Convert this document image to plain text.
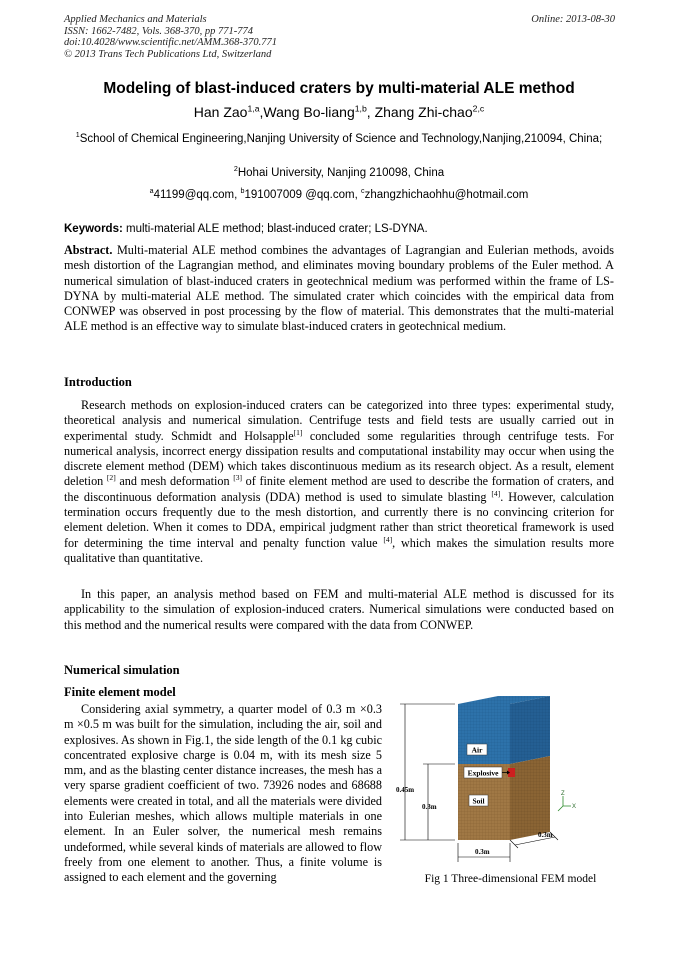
Applied Mechanics and Materials
ISSN: 1662-7482, Vols. 368-370, pp 771-774
doi:10.4028/www.scientific.net/AMM.368-370.771
© 2013 Trans Tech Publications Ltd, Switzerland
Online: 2013-08-30
Modeling of blast-induced craters by multi-material ALE method
Han Zao$^{1,a}$,Wang Bo-liang$^{1,b}$, Zhang Zhi-chao$^{2,c}$
$^1$School of Chemical Engineering,Nanjing University of Science and Technology,Nanjing,210094, China;
$^2$Hohai University, Nanjing 210098, China
$^a$41199@qq.com, $^b$191007009 @qq.com, $^c$zhangzhichaohhu@hotmail.com
Keywords: multi-material ALE method; blast-induced crater; LS-DYNA.
Abstract. Multi-material ALE method combines the advantages of Lagrangian and Eulerian methods, avoids mesh distortion of the Lagrangian method, and eliminates moving boundary problems of the Euler method. A numerical simulation of blast-induced craters in geotechnical medium was performed within the frame of LS-DYNA by multi-material ALE method. The simulated crater which coincides with the empirical data from CONWEP was observed in post processing by the flow of material. This demonstrates that the multi-material ALE method is an effective way to simulate blast-induced craters in geotechnical medium.
Introduction
Research methods on explosion-induced craters can be categorized into three types: experimental study, theoretical analysis and numerical simulation. Centrifuge tests and field tests are usually carried out in experimental study. Schmidt and Holsapple[1] concluded some regularities through centrifuge tests. For numerical analysis, incorrect energy dissipation results and computational instability may occur when using the discrete element method (DEM) which takes discontinuous medium as its research object. As a result, element deletion [2] and mesh deformation [3] of finite element method are used to describe the formation of craters, and the discontinuous deformation analysis (DDA) method is used to simulate blasting [4]. However, calculation termination occurs frequently due to the mesh distortion, and currently there is no convincing criterion for element deletion. When it comes to DDA, empirical judgment rather than strict theoretical framework is used for determining the time interval and penalty function value [4], which makes the simulation results more qualitative than quantitative.
In this paper, an analysis method based on FEM and multi-material ALE method is discussed for its applicability to the simulation of explosion-induced craters. Numerical simulations were conducted based on this method and the numerical results were compared with the data from CONWEP.
Numerical simulation
Finite element model
Considering axial symmetry, a quarter model of 0.3 m ×0.3 m ×0.5 m was built for the simulation, including the air, soil and explosives. As shown in Fig.1, the side length of the 0.1 kg cubic concentrated explosive charge is 0.04 m, with its mesh size 5 mm, and as the blasting center distance increases, the mesh has a very sparse gradient coefficient of two. 73926 nodes and 68688 elements were created in total, and all the materials were divided into Eulerian meshes, which allows multiple materials in one element. In an Euler solver, the numerical mesh remains undeformed, while several kinds of materials are allowed to flow freely from one element to another. Thus, a finite volume is assigned to each element and the governing
Air
Explosive
Soil
0.45m
0.3m
0.3m
0.3m
Z
X
Fig 1 Three-dimensional FEM model
